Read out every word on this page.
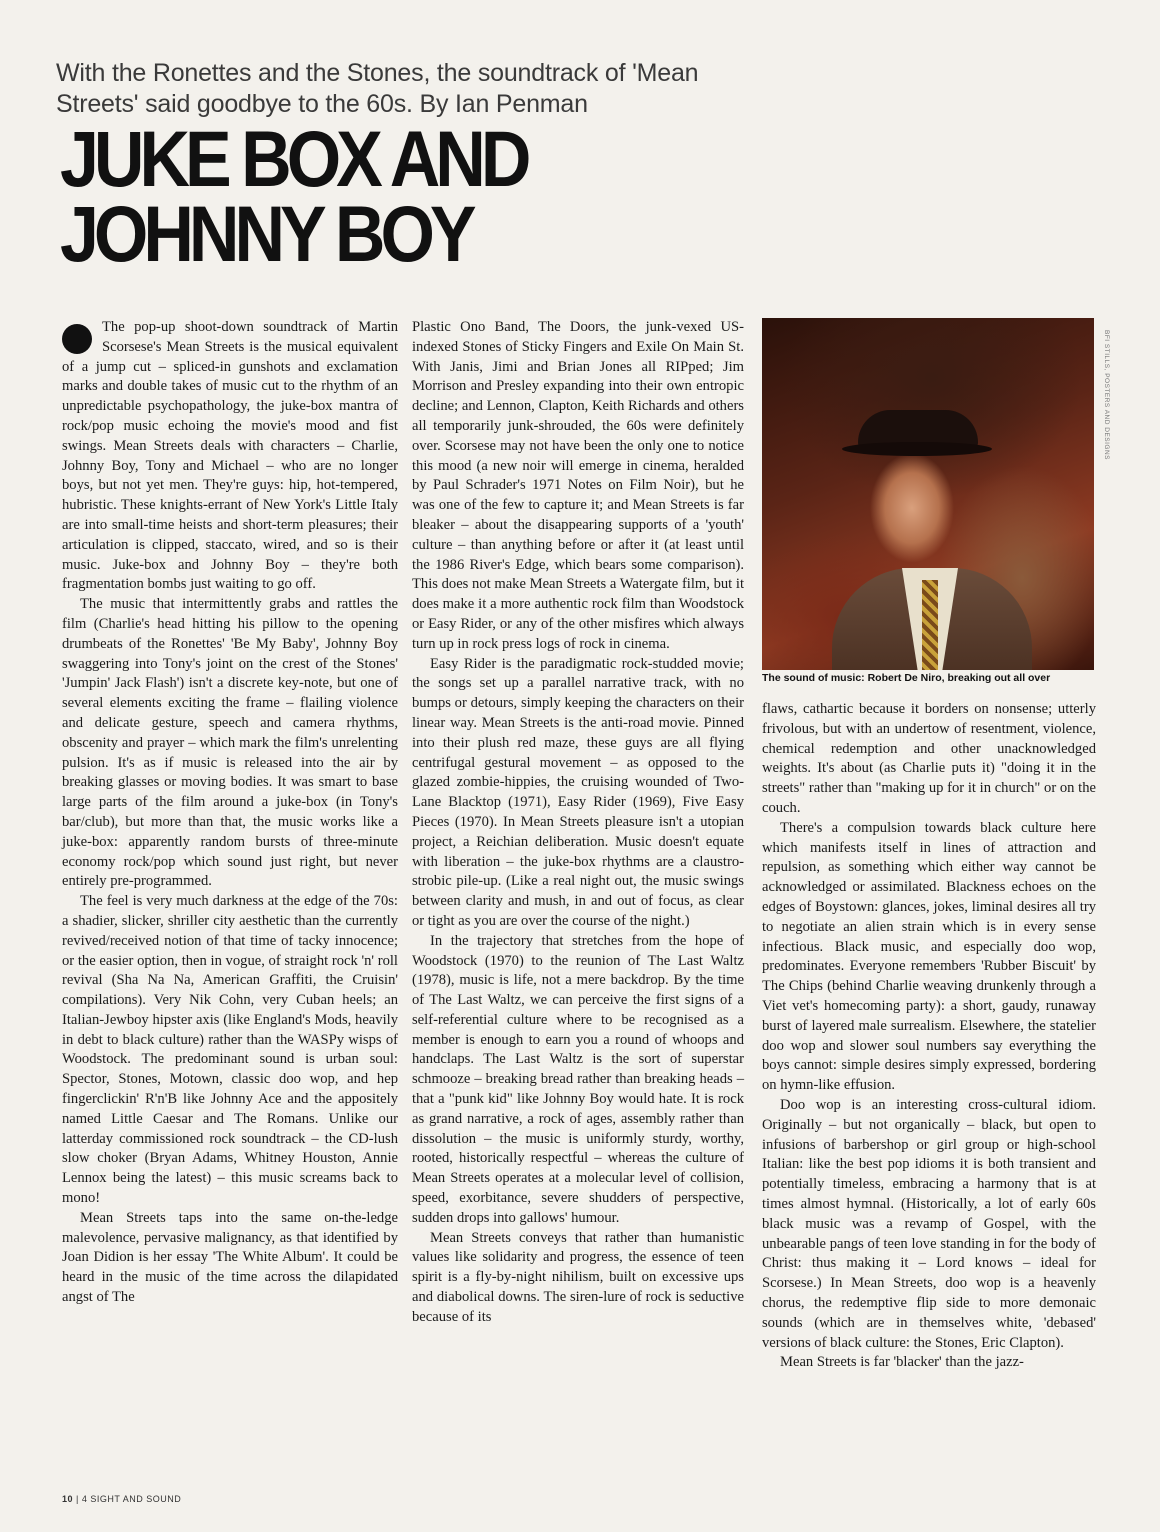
With the Ronettes and the Stones, the soundtrack of 'Mean Streets' said goodbye to the 60s. By Ian Penman
JUKE BOX AND
JOHNNY BOY

The pop-up shoot-down soundtrack of Martin Scorsese's Mean Streets is the musical equivalent of a jump cut – spliced-in gunshots and exclamation marks and double takes of music cut to the rhythm of an unpredictable psychopathology, the juke-box mantra of rock/pop music echoing the movie's mood and fist swings. Mean Streets deals with characters – Charlie, Johnny Boy, Tony and Michael – who are no longer boys, but not yet men. They're guys: hip, hot-tempered, hubristic. These knights-errant of New York's Little Italy are into small-time heists and short-term pleasures; their articulation is clipped, staccato, wired, and so is their music. Juke-box and Johnny Boy – they're both fragmentation bombs just waiting to go off.

The music that intermittently grabs and rattles the film (Charlie's head hitting his pillow to the opening drumbeats of the Ronettes' 'Be My Baby', Johnny Boy swaggering into Tony's joint on the crest of the Stones' 'Jumpin' Jack Flash') isn't a discrete key-note, but one of several elements exciting the frame – flailing violence and delicate gesture, speech and camera rhythms, obscenity and prayer – which mark the film's unrelenting pulsion. It's as if music is released into the air by breaking glasses or moving bodies. It was smart to base large parts of the film around a juke-box (in Tony's bar/club), but more than that, the music works like a juke-box: apparently random bursts of three-minute economy rock/pop which sound just right, but never entirely pre-programmed.

The feel is very much darkness at the edge of the 70s: a shadier, slicker, shriller city aesthetic than the currently revived/received notion of that time of tacky innocence; or the easier option, then in vogue, of straight rock 'n' roll revival (Sha Na Na, American Graffiti, the Cruisin' compilations). Very Nik Cohn, very Cuban heels; an Italian-Jewboy hipster axis (like England's Mods, heavily in debt to black culture) rather than the WASPy wisps of Woodstock. The predominant sound is urban soul: Spector, Stones, Motown, classic doo wop, and hep fingerclickin' R'n'B like Johnny Ace and the appositely named Little Caesar and The Romans. Unlike our latterday commissioned rock soundtrack – the CD-lush slow choker (Bryan Adams, Whitney Houston, Annie Lennox being the latest) – this music screams back to mono!

Mean Streets taps into the same on-the-ledge malevolence, pervasive malignancy, as that identified by Joan Didion is her essay 'The White Album'. It could be heard in the music of the time across the dilapidated angst of The

Plastic Ono Band, The Doors, the junk-vexed US-indexed Stones of Sticky Fingers and Exile On Main St. With Janis, Jimi and Brian Jones all RIPped; Jim Morrison and Presley expanding into their own entropic decline; and Lennon, Clapton, Keith Richards and others all temporarily junk-shrouded, the 60s were definitely over. Scorsese may not have been the only one to notice this mood (a new noir will emerge in cinema, heralded by Paul Schrader's 1971 Notes on Film Noir), but he was one of the few to capture it; and Mean Streets is far bleaker – about the disappearing supports of a 'youth' culture – than anything before or after it (at least until the 1986 River's Edge, which bears some comparison). This does not make Mean Streets a Watergate film, but it does make it a more authentic rock film than Woodstock or Easy Rider, or any of the other misfires which always turn up in rock press logs of rock in cinema.

Easy Rider is the paradigmatic rock-studded movie; the songs set up a parallel narrative track, with no bumps or detours, simply keeping the characters on their linear way. Mean Streets is the anti-road movie. Pinned into their plush red maze, these guys are all flying centrifugal gestural movement – as opposed to the glazed zombie-hippies, the cruising wounded of Two-Lane Blacktop (1971), Easy Rider (1969), Five Easy Pieces (1970). In Mean Streets pleasure isn't a utopian project, a Reichian deliberation. Music doesn't equate with liberation – the juke-box rhythms are a claustro-strobic pile-up. (Like a real night out, the music swings between clarity and mush, in and out of focus, as clear or tight as you are over the course of the night.)

In the trajectory that stretches from the hope of Woodstock (1970) to the reunion of The Last Waltz (1978), music is life, not a mere backdrop. By the time of The Last Waltz, we can perceive the first signs of a self-referential culture where to be recognised as a member is enough to earn you a round of whoops and handclaps. The Last Waltz is the sort of superstar schmooze – breaking bread rather than breaking heads – that a "punk kid" like Johnny Boy would hate. It is rock as grand narrative, a rock of ages, assembly rather than dissolution – the music is uniformly sturdy, worthy, rooted, historically respectful – whereas the culture of Mean Streets operates at a molecular level of collision, speed, exorbitance, severe shudders of perspective, sudden drops into gallows' humour.

Mean Streets conveys that rather than humanistic values like solidarity and progress, the essence of teen spirit is a fly-by-night nihilism, built on excessive ups and diabolical downs. The siren-lure of rock is seductive because of its

BFI STILLS, POSTERS AND DESIGNS
The sound of music: Robert De Niro, breaking out all over

flaws, cathartic because it borders on nonsense; utterly frivolous, but with an undertow of resentment, violence, chemical redemption and other unacknowledged weights. It's about (as Charlie puts it) "doing it in the streets" rather than "making up for it in church" or on the couch.

There's a compulsion towards black culture here which manifests itself in lines of attraction and repulsion, as something which either way cannot be acknowledged or assimilated. Blackness echoes on the edges of Boystown: glances, jokes, liminal desires all try to negotiate an alien strain which is in every sense infectious. Black music, and especially doo wop, predominates. Everyone remembers 'Rubber Biscuit' by The Chips (behind Charlie weaving drunkenly through a Viet vet's homecoming party): a short, gaudy, runaway burst of layered male surrealism. Elsewhere, the statelier doo wop and slower soul numbers say everything the boys cannot: simple desires simply expressed, bordering on hymn-like effusion.

Doo wop is an interesting cross-cultural idiom. Originally – but not organically – black, but open to infusions of barbershop or girl group or high-school Italian: like the best pop idioms it is both transient and potentially timeless, embracing a harmony that is at times almost hymnal. (Historically, a lot of early 60s black music was a revamp of Gospel, with the unbearable pangs of teen love standing in for the body of Christ: thus making it – Lord knows – ideal for Scorsese.) In Mean Streets, doo wop is a heavenly chorus, the redemptive flip side to more demonaic sounds (which are in themselves white, 'debased' versions of black culture: the Stones, Eric Clapton).

Mean Streets is far 'blacker' than the jazz-

10 | 4 SIGHT AND SOUND
